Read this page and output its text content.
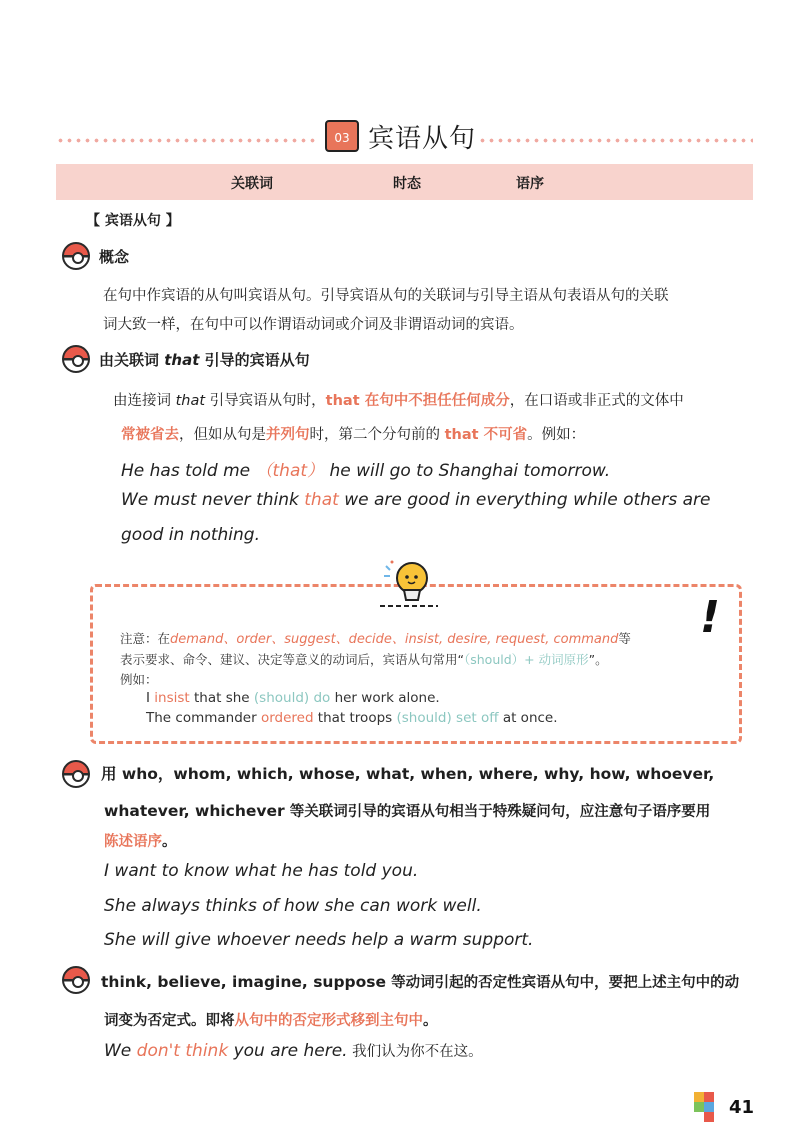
03 宾语从句
关联词	时态	语序
【 宾语从句 】
概念
在句中作宾语的从句叫宾语从句。引导宾语从句的关联词与引导主语从句表语从句的关联
词大致一样，在句中可以作谓语动词或介词及非谓语动词的宾语。
由关联词 that 引导的宾语从句
由连接词 that 引导宾语从句时，that 在句中不担任任何成分，在口语或非正式的文体中
常被省去，但如从句是并列句时，第二个分句前的 that 不可省。例如：
He has told me （that） he will go to Shanghai tomorrow.
We must never think that we are good in everything while others are
good in nothing.
!
注意：在demand、order、suggest、decide、insist, desire, request, command等
表示要求、命令、建议、决定等意义的动词后，宾语从句常用“（should）+ 动词原形”。
例如：
I insist that she (should) do her work alone.
The commander ordered that troops (should) set off at once.
用 who，whom, which, whose, what, when, where, why, how, whoever,
whatever, whichever 等关联词引导的宾语从句相当于特殊疑问句，应注意句子语序要用
陈述语序。
I want to know what he has told you.
She always thinks of how she can work well.
She will give whoever needs help a warm support.
think, believe, imagine, suppose 等动词引起的否定性宾语从句中，要把上述主句中的动
词变为否定式。即将从句中的否定形式移到主句中。
We don't think you are here. 我们认为你不在这。
41
